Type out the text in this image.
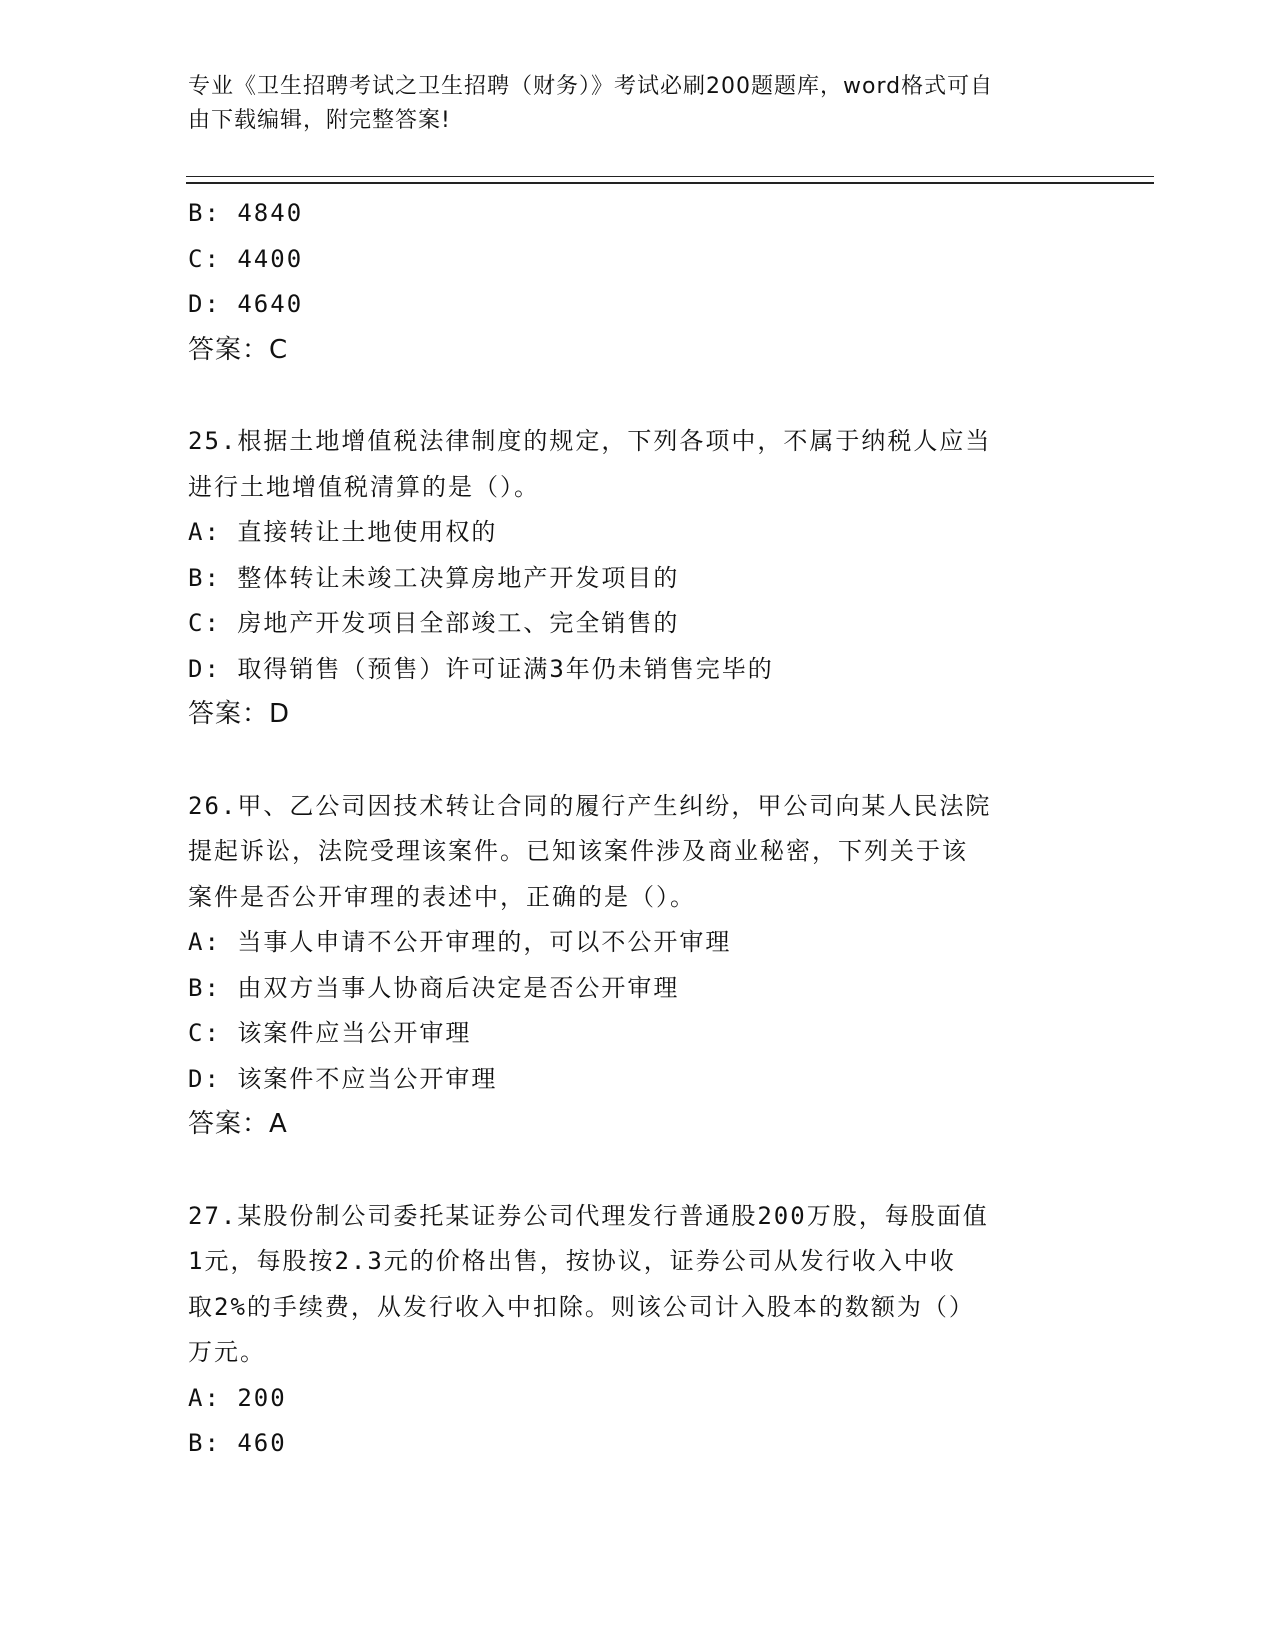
专业《卫生招聘考试之卫生招聘（财务）》考试必刷200题题库，word格式可自
由下载编辑，附完整答案!
B: 4840
C: 4400
D: 4640
答案：C
25.根据土地增值税法律制度的规定，下列各项中，不属于纳税人应当
进行土地增值税清算的是（）。
A: 直接转让土地使用权的
B: 整体转让未竣工决算房地产开发项目的
C: 房地产开发项目全部竣工、完全销售的
D: 取得销售（预售）许可证满3年仍未销售完毕的
答案：D
26.甲、乙公司因技术转让合同的履行产生纠纷，甲公司向某人民法院
提起诉讼，法院受理该案件。已知该案件涉及商业秘密，下列关于该
案件是否公开审理的表述中，正确的是（）。
A: 当事人申请不公开审理的，可以不公开审理
B: 由双方当事人协商后决定是否公开审理
C: 该案件应当公开审理
D: 该案件不应当公开审理
答案：A
27.某股份制公司委托某证券公司代理发行普通股200万股，每股面值
1元，每股按2.3元的价格出售，按协议，证券公司从发行收入中收
取2%的手续费，从发行收入中扣除。则该公司计入股本的数额为（）
万元。
A: 200
B: 460
